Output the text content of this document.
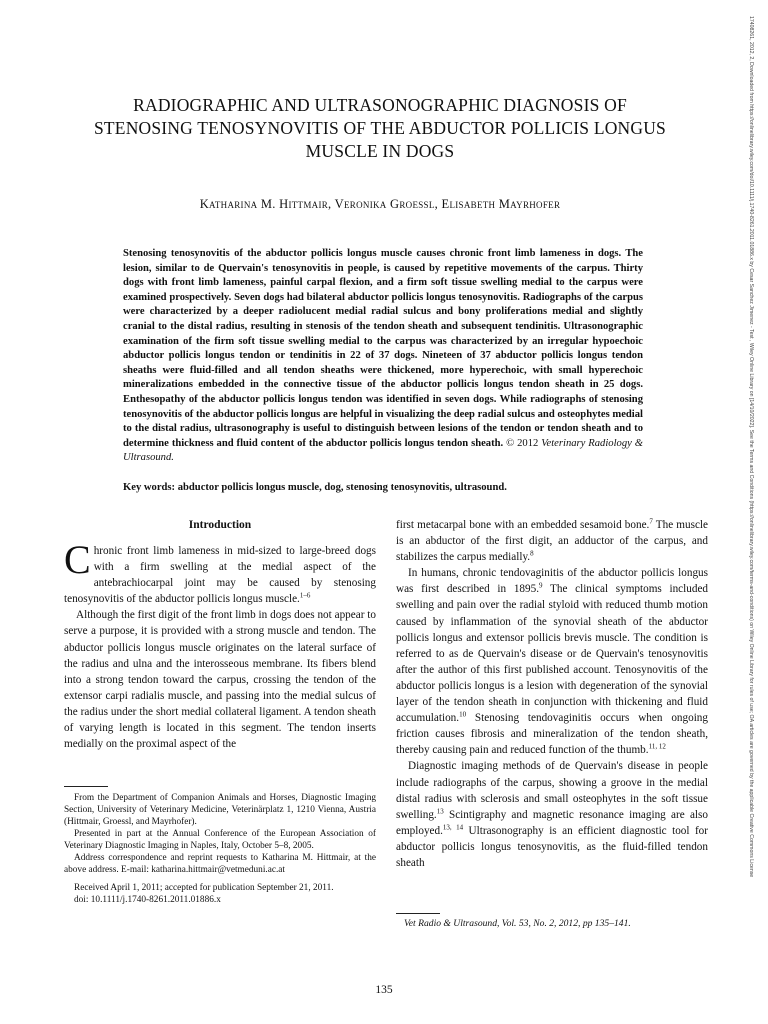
RADIOGRAPHIC AND ULTRASONOGRAPHIC DIAGNOSIS OF
STENOSING TENOSYNOVITIS OF THE ABDUCTOR POLLICIS LONGUS
MUSCLE IN DOGS
Katharina M. Hittmair, Veronika Groessl, Elisabeth Mayrhofer

Stenosing tenosynovitis of the abductor pollicis longus muscle causes chronic front limb lameness in dogs. The lesion, similar to de Quervain's tenosynovitis in people, is caused by repetitive movements of the carpus. Thirty dogs with front limb lameness, painful carpal flexion, and a firm soft tissue swelling medial to the carpus were examined prospectively. Seven dogs had bilateral abductor pollicis longus tenosynovitis. Radiographs of the carpus were characterized by a deeper radiolucent medial radial sulcus and bony proliferations medial and slightly cranial to the distal radius, resulting in stenosis of the tendon sheath and subsequent tendinitis. Ultrasonographic examination of the firm soft tissue swelling medial to the carpus was characterized by an irregular hypoechoic abductor pollicis longus tendon or tendinitis in 22 of 37 dogs. Nineteen of 37 abductor pollicis longus tendon sheaths were fluid-filled and all tendon sheaths were thickened, more hyperechoic, with small hyperechoic mineralizations embedded in the connective tissue of the abductor pollicis longus tendon sheath in 25 dogs. Enthesopathy of the abductor pollicis longus tendon was identified in seven dogs. While radiographs of stenosing tenosynovitis of the abductor pollicis longus are helpful in visualizing the deep radial sulcus and osteophytes medial to the distal radius, ultrasonography is useful to distinguish between lesions of the tendon or tendon sheath and to determine thickness and fluid content of the abductor pollicis longus tendon sheath. © 2012 Veterinary Radiology & Ultrasound.

Key words: abductor pollicis longus muscle, dog, stenosing tenosynovitis, ultrasound.
Introduction

Chronic front limb lameness in mid-sized to large-breed dogs with a firm swelling at the medial aspect of the antebrachiocarpal joint may be caused by stenosing tenosynovitis of the abductor pollicis longus muscle.$^{1-6}$

Although the first digit of the front limb in dogs does not appear to serve a purpose, it is provided with a strong muscle and tendon. The abductor pollicis longus muscle originates on the lateral surface of the radius and ulna and the interosseous membrane. Its fibers blend into a strong tendon toward the carpus, crossing the tendon of the extensor carpi radialis muscle, and passing into the medial sulcus of the radius under the short medial collateral ligament. A tendon sheath of varying length is located in this segment. The tendon inserts medially on the proximal aspect of the

first metacarpal bone with an embedded sesamoid bone.$^7$ The muscle is an abductor of the first digit, an adductor of the carpus, and stabilizes the carpus medially.$^8$

In humans, chronic tendovaginitis of the abductor pollicis longus was first described in 1895.$^9$ The clinical symptoms included swelling and pain over the radial styloid with reduced thumb motion caused by inflammation of the synovial sheath of the abductor pollicis longus and extensor pollicis brevis muscle. The condition is referred to as de Quervain's disease or de Quervain's tenosynovitis after the author of this first published account. Tenosynovitis of the abductor pollicis longus is a lesion with degeneration of the synovial layer of the tendon sheath in conjunction with thickening and fluid accumulation.$^{10}$ Stenosing tendovaginitis occurs when ongoing friction causes fibrosis and mineralization of the tendon sheath, thereby causing pain and reduced function of the thumb.$^{11, 12}$

Diagnostic imaging methods of de Quervain's disease in people include radiographs of the carpus, showing a groove in the medial distal radius with sclerosis and small osteophytes in the soft tissue swelling.$^{13}$ Scintigraphy and magnetic resonance imaging are also employed.$^{13, 14}$ Ultrasonography is an efficient diagnostic tool for abductor pollicis longus tenosynovitis, as the fluid-filled tendon sheath

From the Department of Companion Animals and Horses, Diagnostic Imaging Section, University of Veterinary Medicine, Veterinärplatz 1, 1210 Vienna, Austria (Hittmair, Groessl, and Mayrhofer).

Presented in part at the Annual Conference of the European Association of Veterinary Diagnostic Imaging in Naples, Italy, October 5–8, 2005.

Address correspondence and reprint requests to Katharina M. Hittmair, at the above address. E-mail: katharina.hittmair@vetmeduni.ac.at

Received April 1, 2011; accepted for publication September 21, 2011.

doi: 10.1111/j.1740-8261.2011.01886.x

Vet Radio & Ultrasound, Vol. 53, No. 2, 2012, pp 135–141.
135
17408261, 2012, 2, Downloaded from https://onlinelibrary.wiley.com/doi/10.1111/j.1740-8261.2011.01886.x by Cesar Sanchez Jimenez - Test , Wiley Online Library on [14/10/2022]. See the Terms and Conditions (https://onlinelibrary.wiley.com/terms-and-conditions) on Wiley Online Library for rules of use; OA articles are governed by the applicable Creative Commons License
